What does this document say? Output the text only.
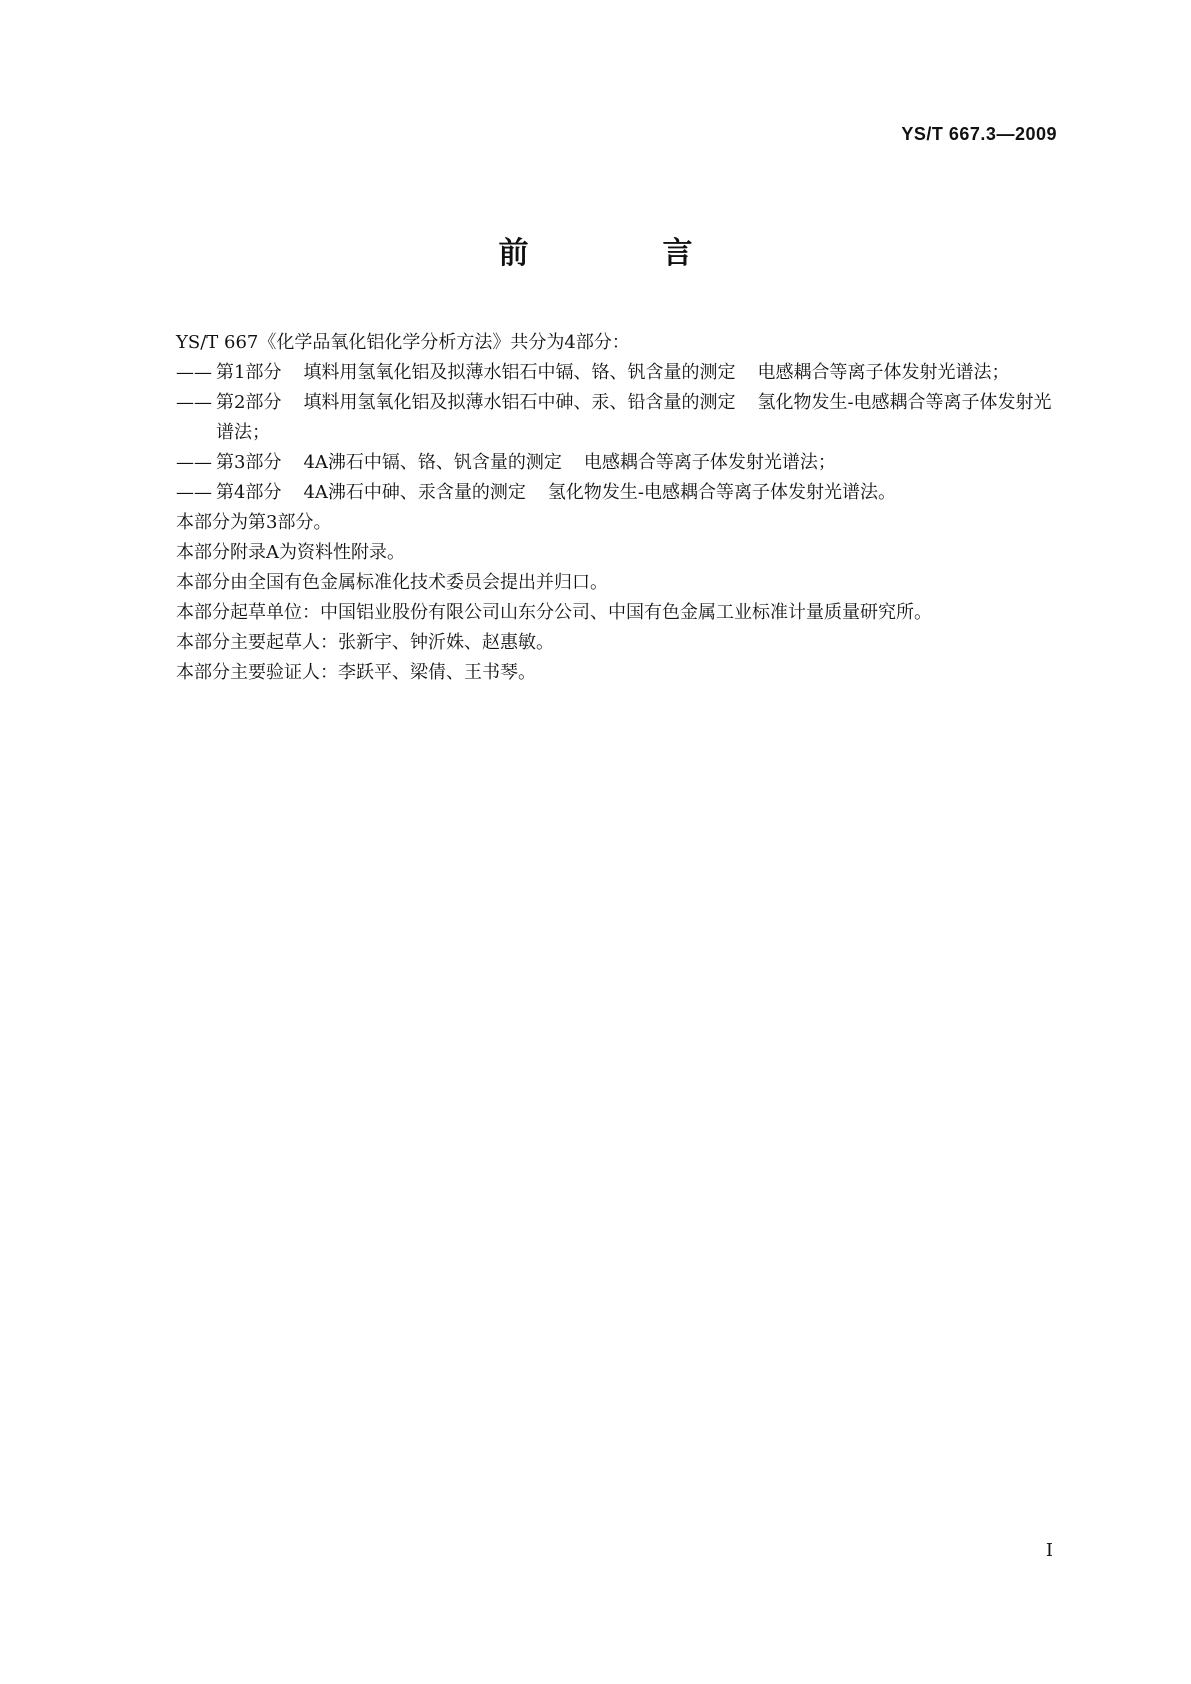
YS/T 667.3—2009
前　言
YS/T 667《化学品氧化铝化学分析方法》共分为4部分：
—— 第1部分 填料用氢氧化铝及拟薄水铝石中镉、铬、钒含量的测定 电感耦合等离子体发射光谱法；
—— 第2部分 填料用氢氧化铝及拟薄水铝石中砷、汞、铅含量的测定 氢化物发生-电感耦合等离子体发射光谱法；
—— 第3部分 4A沸石中镉、铬、钒含量的测定 电感耦合等离子体发射光谱法；
—— 第4部分 4A沸石中砷、汞含量的测定 氢化物发生-电感耦合等离子体发射光谱法。
本部分为第3部分。
本部分附录A为资料性附录。
本部分由全国有色金属标准化技术委员会提出并归口。
本部分起草单位：中国铝业股份有限公司山东分公司、中国有色金属工业标准计量质量研究所。
本部分主要起草人：张新宇、钟沂姝、赵惠敏。
本部分主要验证人：李跃平、梁倩、王书琴。
I
